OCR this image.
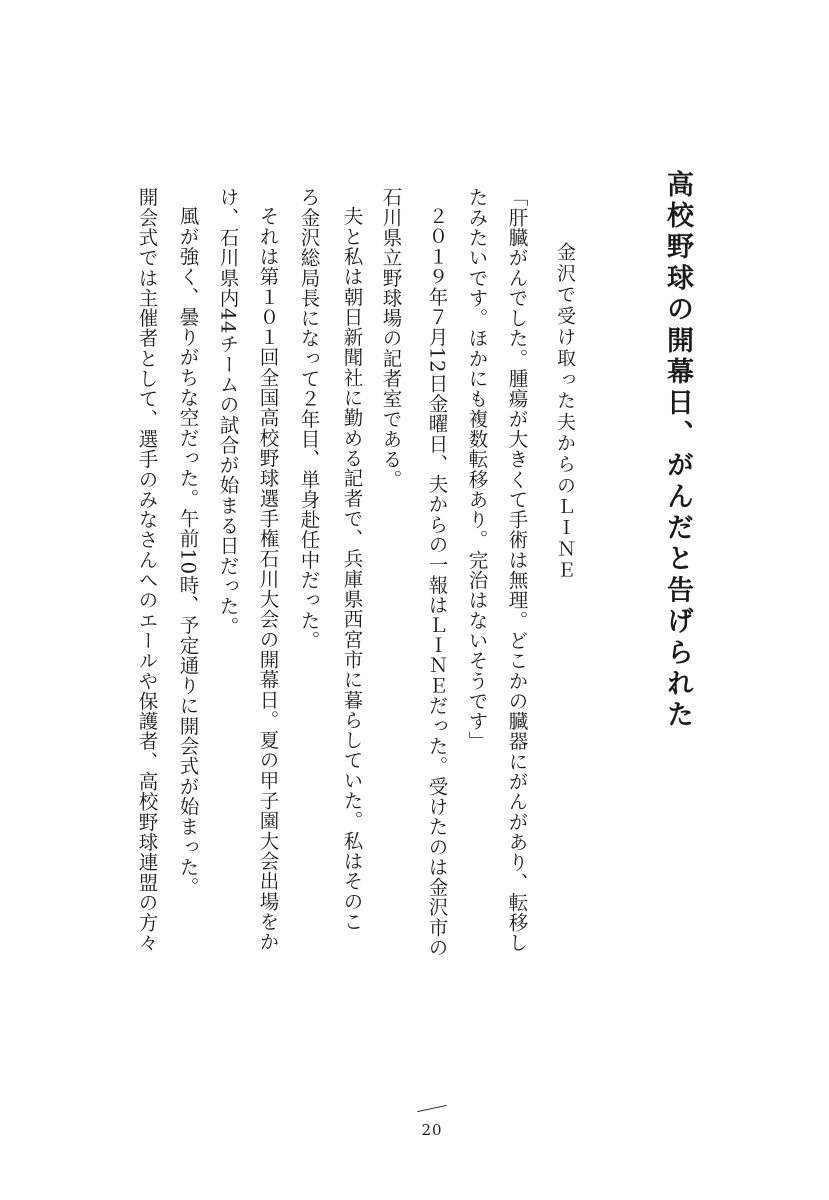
高校野球の開幕日、がんだと告げられた
金沢で受け取った夫からのＬＩＮＥ
「肝臓がんでした。腫瘍が大きくて手術は無理。どこかの臓器にがんがあり、転移し
たみたいです。ほかにも複数転移あり。完治はないそうです」
２０１９年７月12日金曜日、夫からの一報はＬＩＮＥだった。受けたのは金沢市の
石川県立野球場の記者室である。
夫と私は朝日新聞社に勤める記者で、兵庫県西宮市に暮らしていた。私はそのこ
ろ金沢総局長になって２年目、単身赴任中だった。
それは第１０１回全国高校野球選手権石川大会の開幕日。夏の甲子園大会出場をか
け、石川県内44チームの試合が始まる日だった。
風が強く、曇りがちな空だった。午前10時、予定通りに開会式が始まった。
開会式では主催者として、選手のみなさんへのエールや保護者、高校野球連盟の方々
20
